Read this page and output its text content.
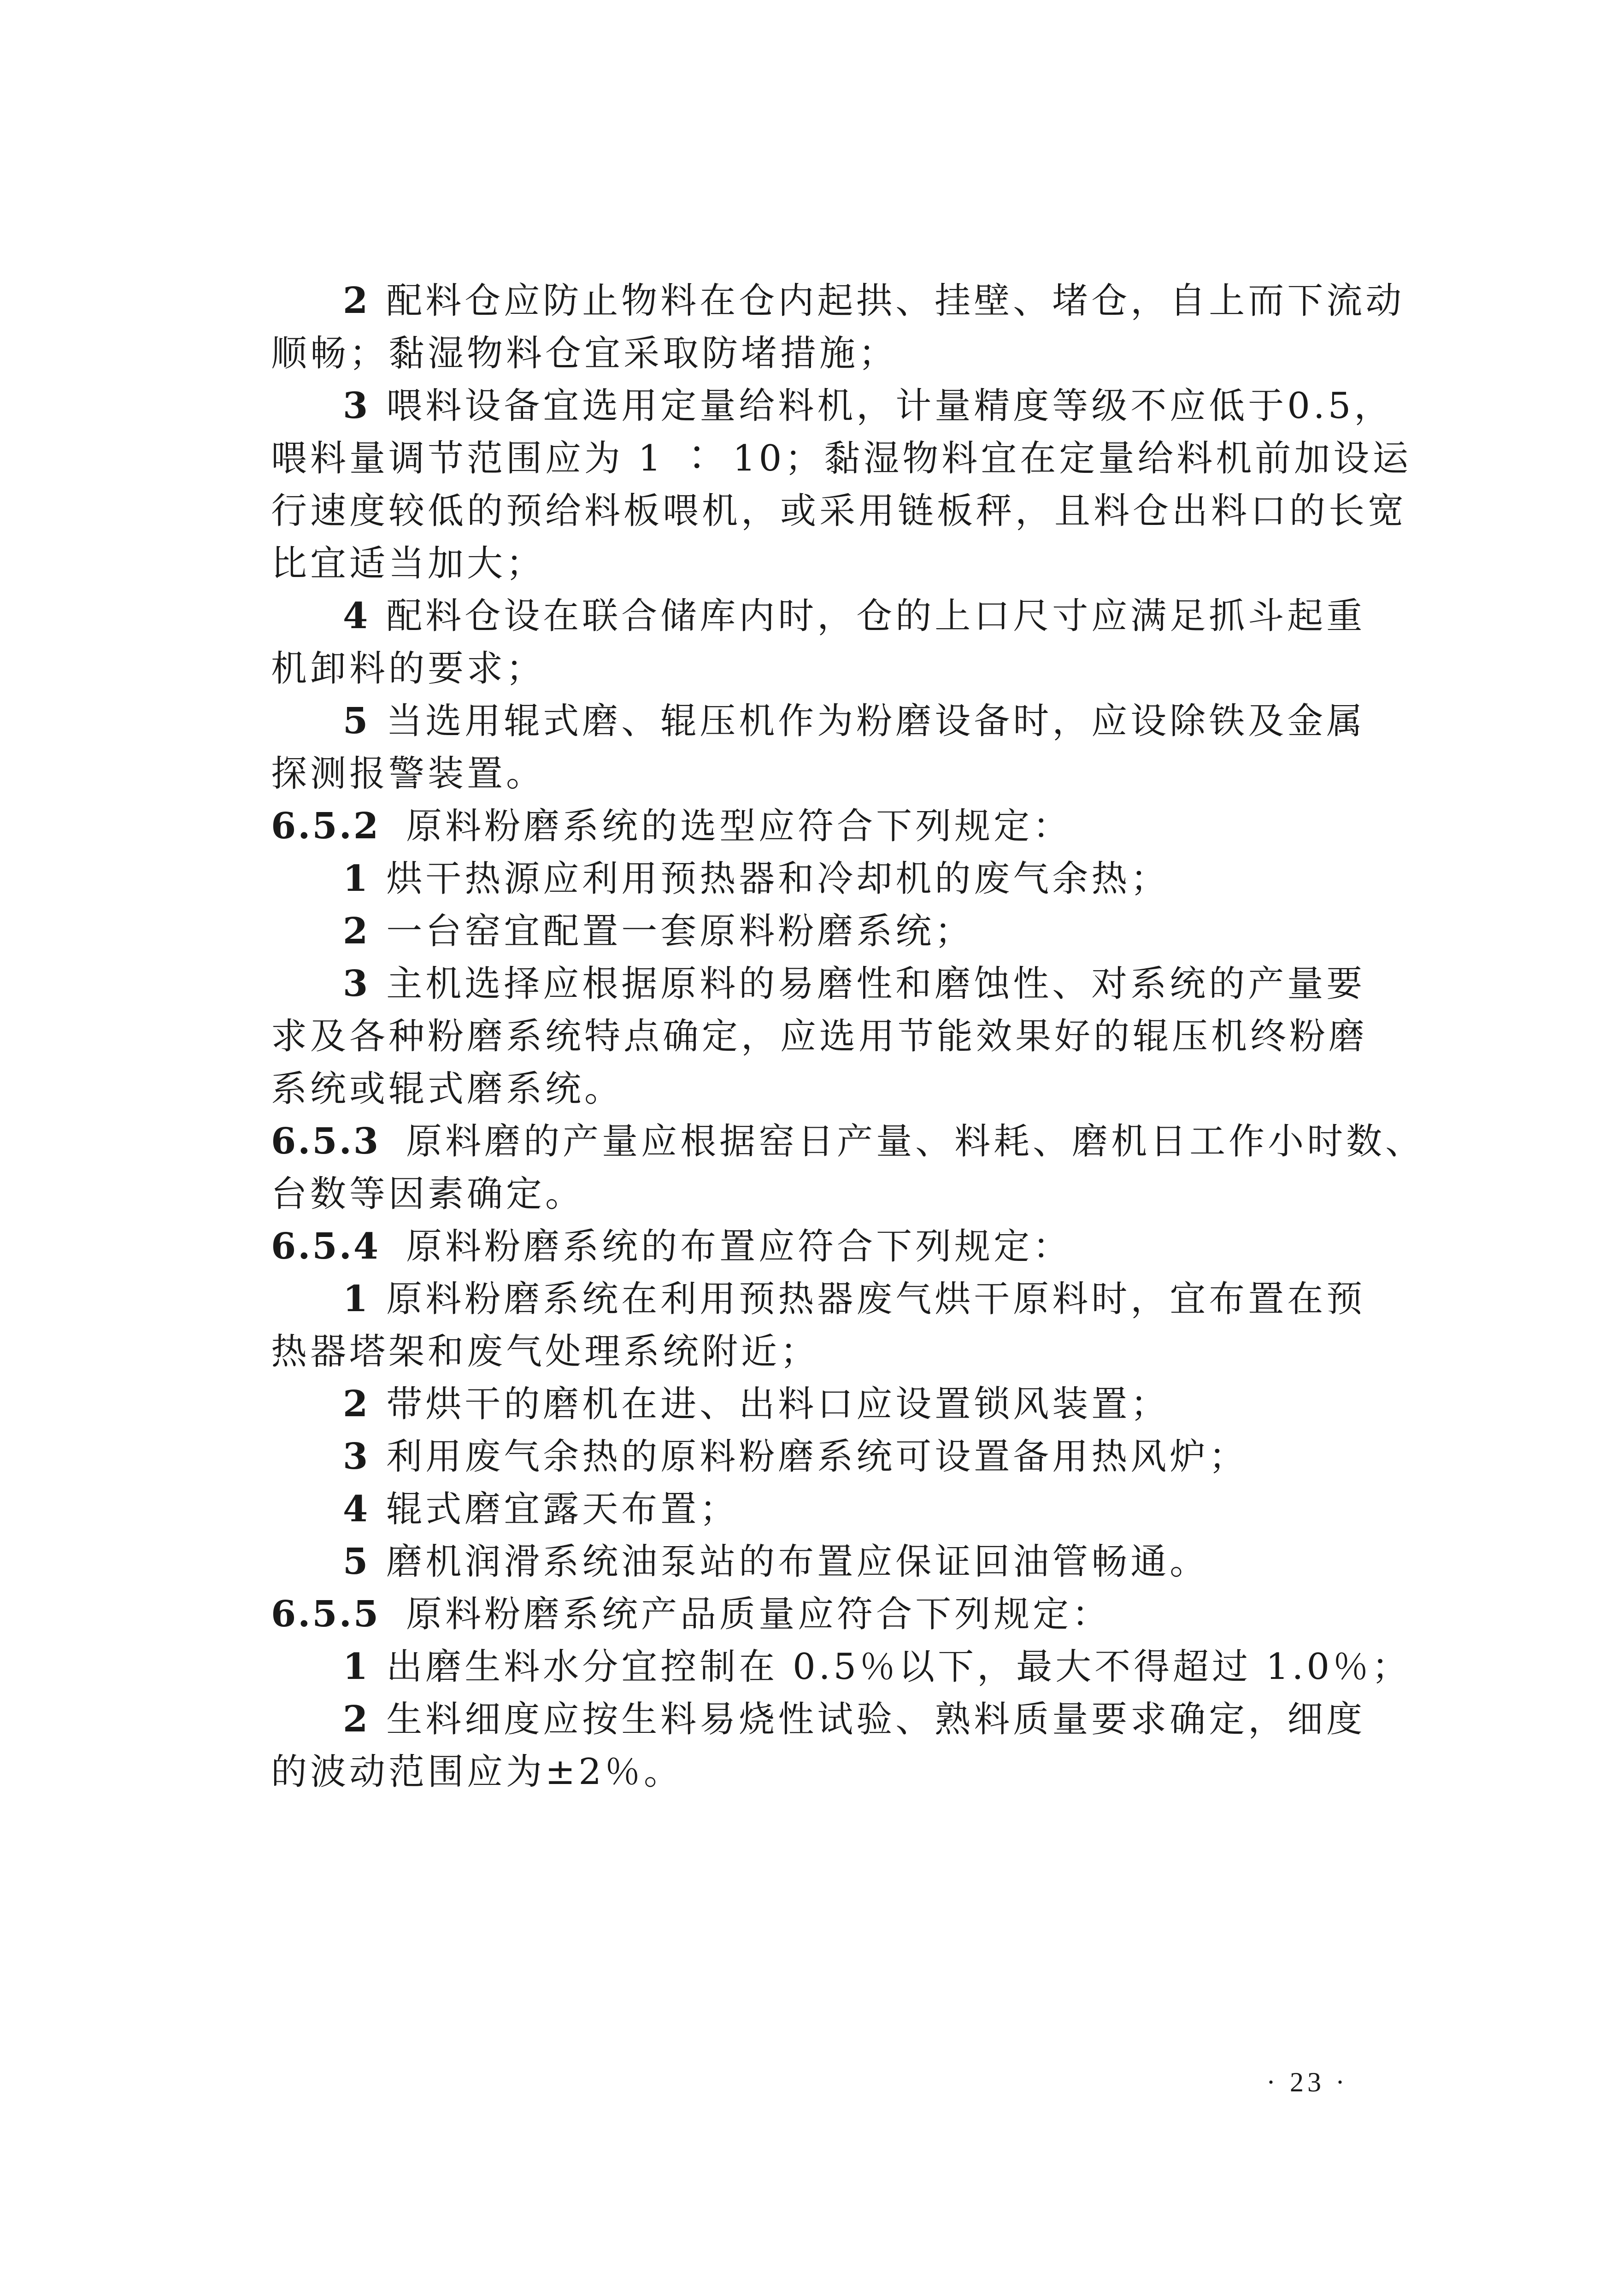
2 配料仓应防止物料在仓内起拱、挂壁、堵仓，自上而下流动
顺畅；黏湿物料仓宜采取防堵措施；
3 喂料设备宜选用定量给料机，计量精度等级不应低于0.5，
喂料量调节范围应为 1 ∶ 10；黏湿物料宜在定量给料机前加设运
行速度较低的预给料板喂机，或采用链板秤，且料仓出料口的长宽
比宜适当加大；
4 配料仓设在联合储库内时，仓的上口尺寸应满足抓斗起重
机卸料的要求；
5 当选用辊式磨、辊压机作为粉磨设备时，应设除铁及金属
探测报警装置。
6.5.2 原料粉磨系统的选型应符合下列规定：
1 烘干热源应利用预热器和冷却机的废气余热；
2 一台窑宜配置一套原料粉磨系统；
3 主机选择应根据原料的易磨性和磨蚀性、对系统的产量要
求及各种粉磨系统特点确定，应选用节能效果好的辊压机终粉磨
系统或辊式磨系统。
6.5.3 原料磨的产量应根据窑日产量、料耗、磨机日工作小时数、
台数等因素确定。
6.5.4 原料粉磨系统的布置应符合下列规定：
1 原料粉磨系统在利用预热器废气烘干原料时，宜布置在预
热器塔架和废气处理系统附近；
2 带烘干的磨机在进、出料口应设置锁风装置；
3 利用废气余热的原料粉磨系统可设置备用热风炉；
4 辊式磨宜露天布置；
5 磨机润滑系统油泵站的布置应保证回油管畅通。
6.5.5 原料粉磨系统产品质量应符合下列规定：
1 出磨生料水分宜控制在 0.5％以下，最大不得超过 1.0％；
2 生料细度应按生料易烧性试验、熟料质量要求确定，细度
的波动范围应为±2％。
· 23 ·
